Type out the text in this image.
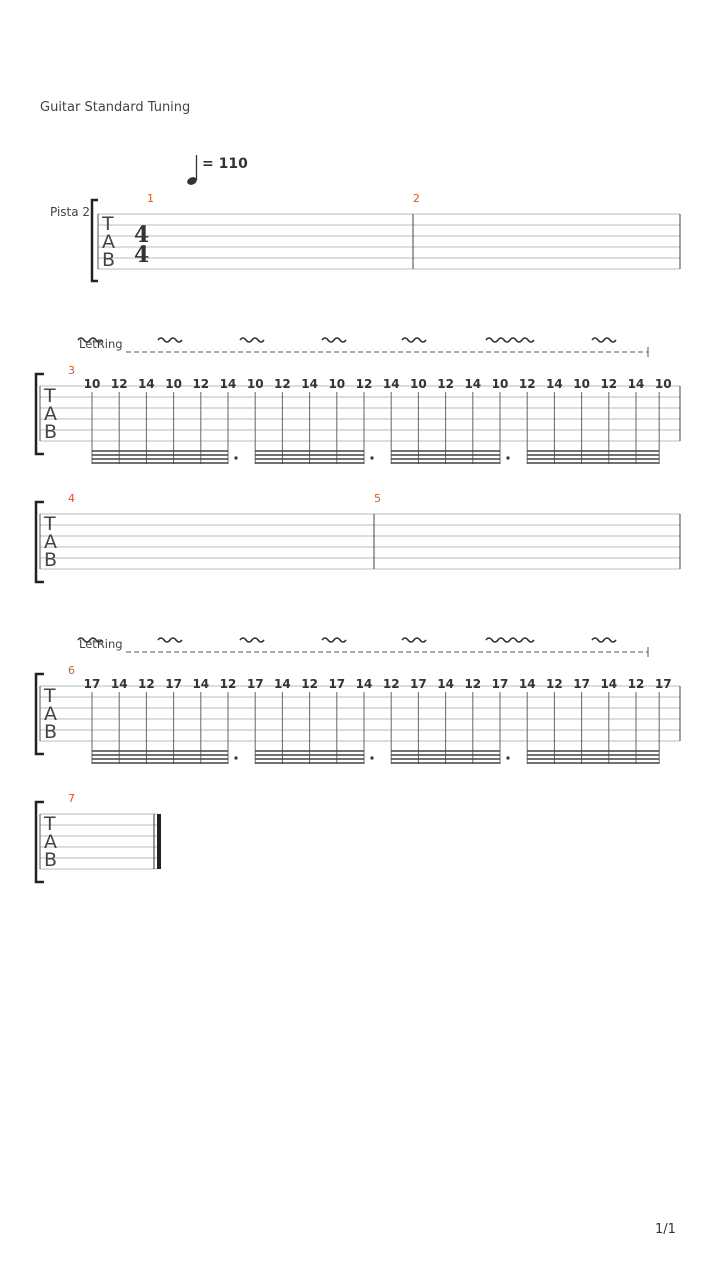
Guitar Standard Tuning
= 110
Pista 2
T
A
B
4
4
1	2
T
A
B
3
LetRing
10 12 14 10 12 14 10 12 14 10 12 14 10 12 14 10 12 14 10 12 14 10
T
A
B
4	5
T
A
B
6
LetRing
17 14 12 17 14 12 17 14 12 17 14 12 17 14 12 17 14 12 17 14 12 17
T
A
B
7
1/1
